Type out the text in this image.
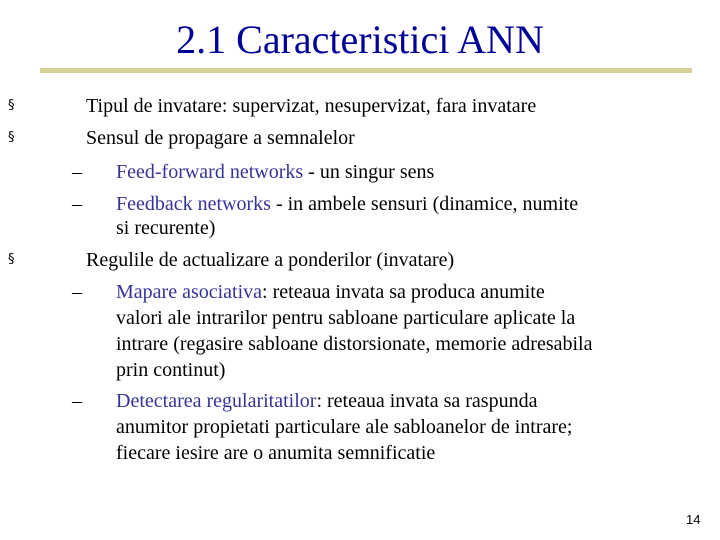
2.1 Caracteristici ANN
§	Tipul de invatare: supervizat, nesupervizat, fara invatare
§	Sensul de propagare a semnalelor
– Feed-forward networks - un singur sens
– Feedback networks - in ambele sensuri (dinamice, numite
si recurente)
§	Regulile de actualizare a ponderilor (invatare)
– Mapare asociativa: reteaua invata sa produca anumite
valori ale intrarilor pentru sabloane particulare aplicate la
intrare (regasire sabloane distorsionate, memorie adresabila
prin continut)
– Detectarea regularitatilor: reteaua invata sa raspunda
anumitor propietati particulare ale sabloanelor de intrare;
fiecare iesire are o anumita semnificatie
14
